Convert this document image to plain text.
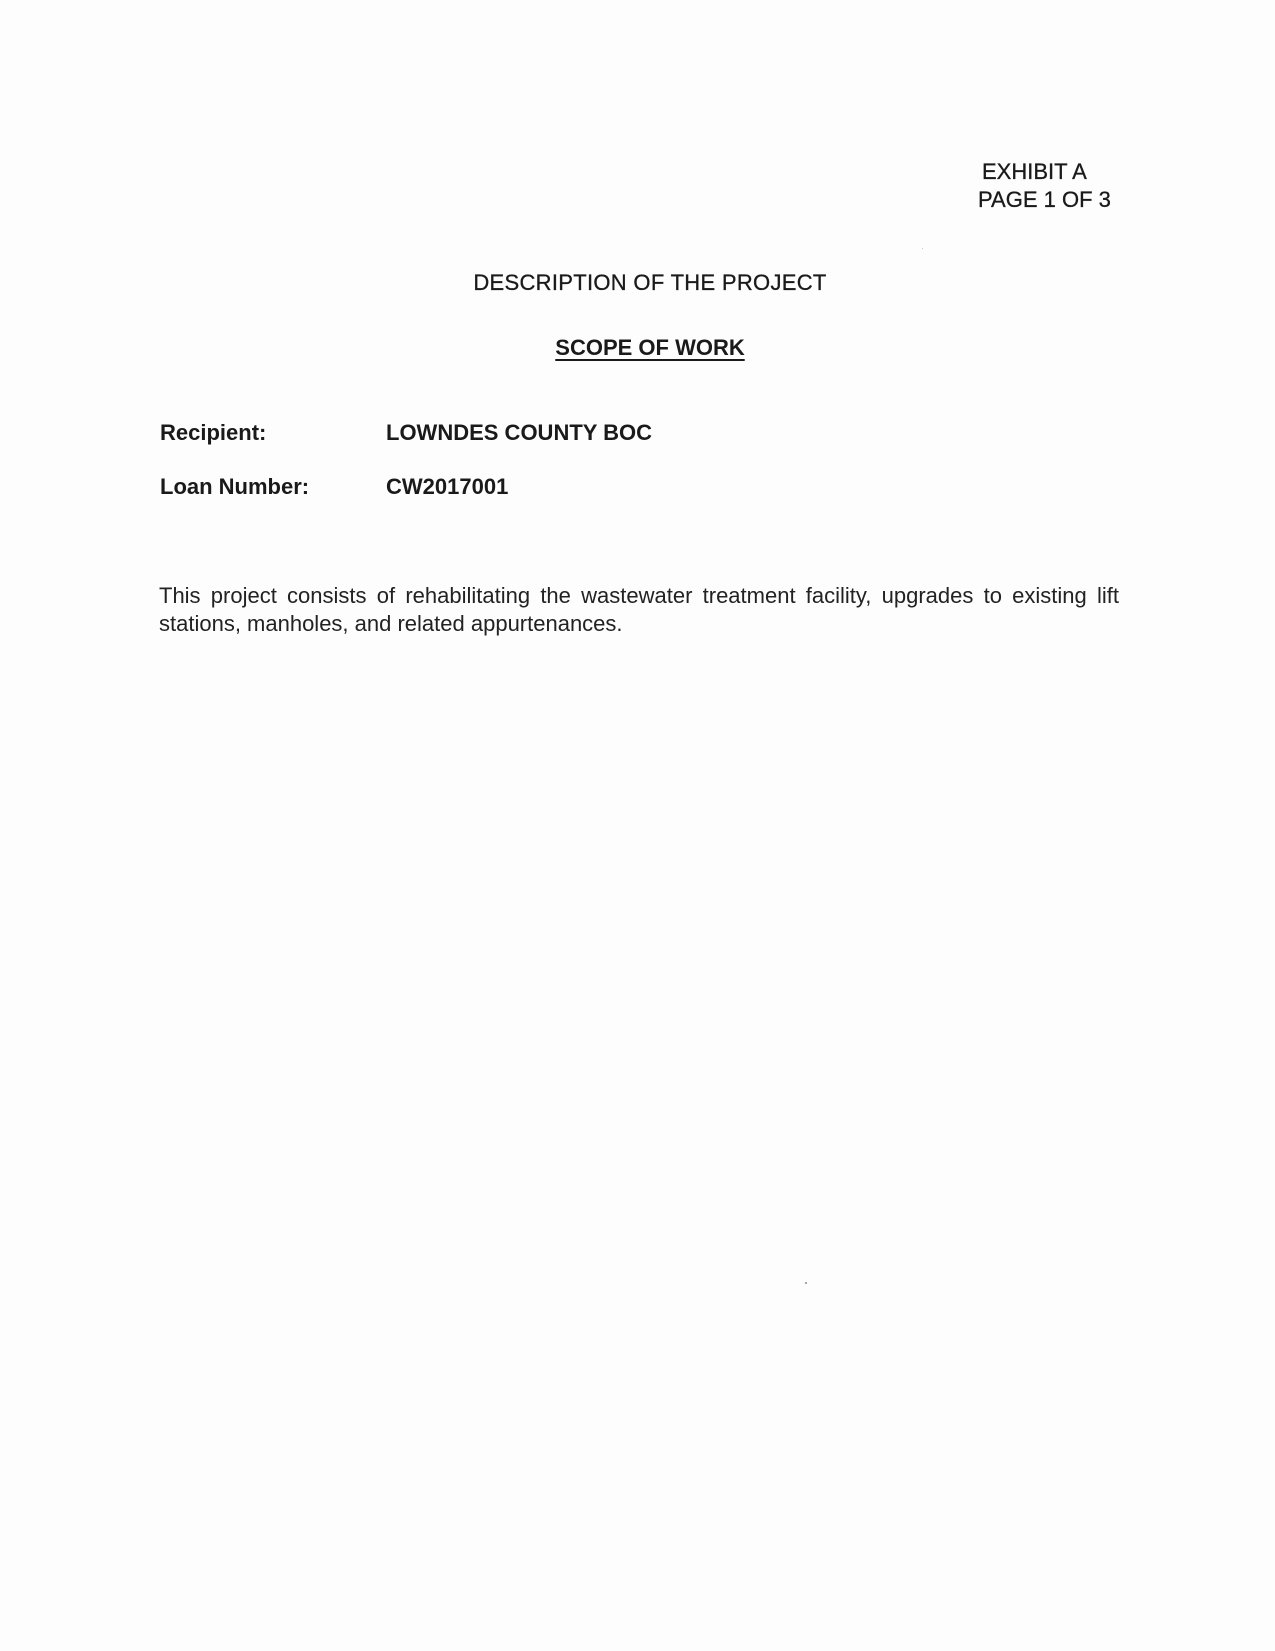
EXHIBIT A
PAGE 1 OF 3
DESCRIPTION OF THE PROJECT
SCOPE OF WORK
Recipient:	LOWNDES COUNTY BOC
Loan Number:	CW2017001

This project consists of rehabilitating the wastewater treatment facility, upgrades to existing lift stations, manholes, and related appurtenances.
